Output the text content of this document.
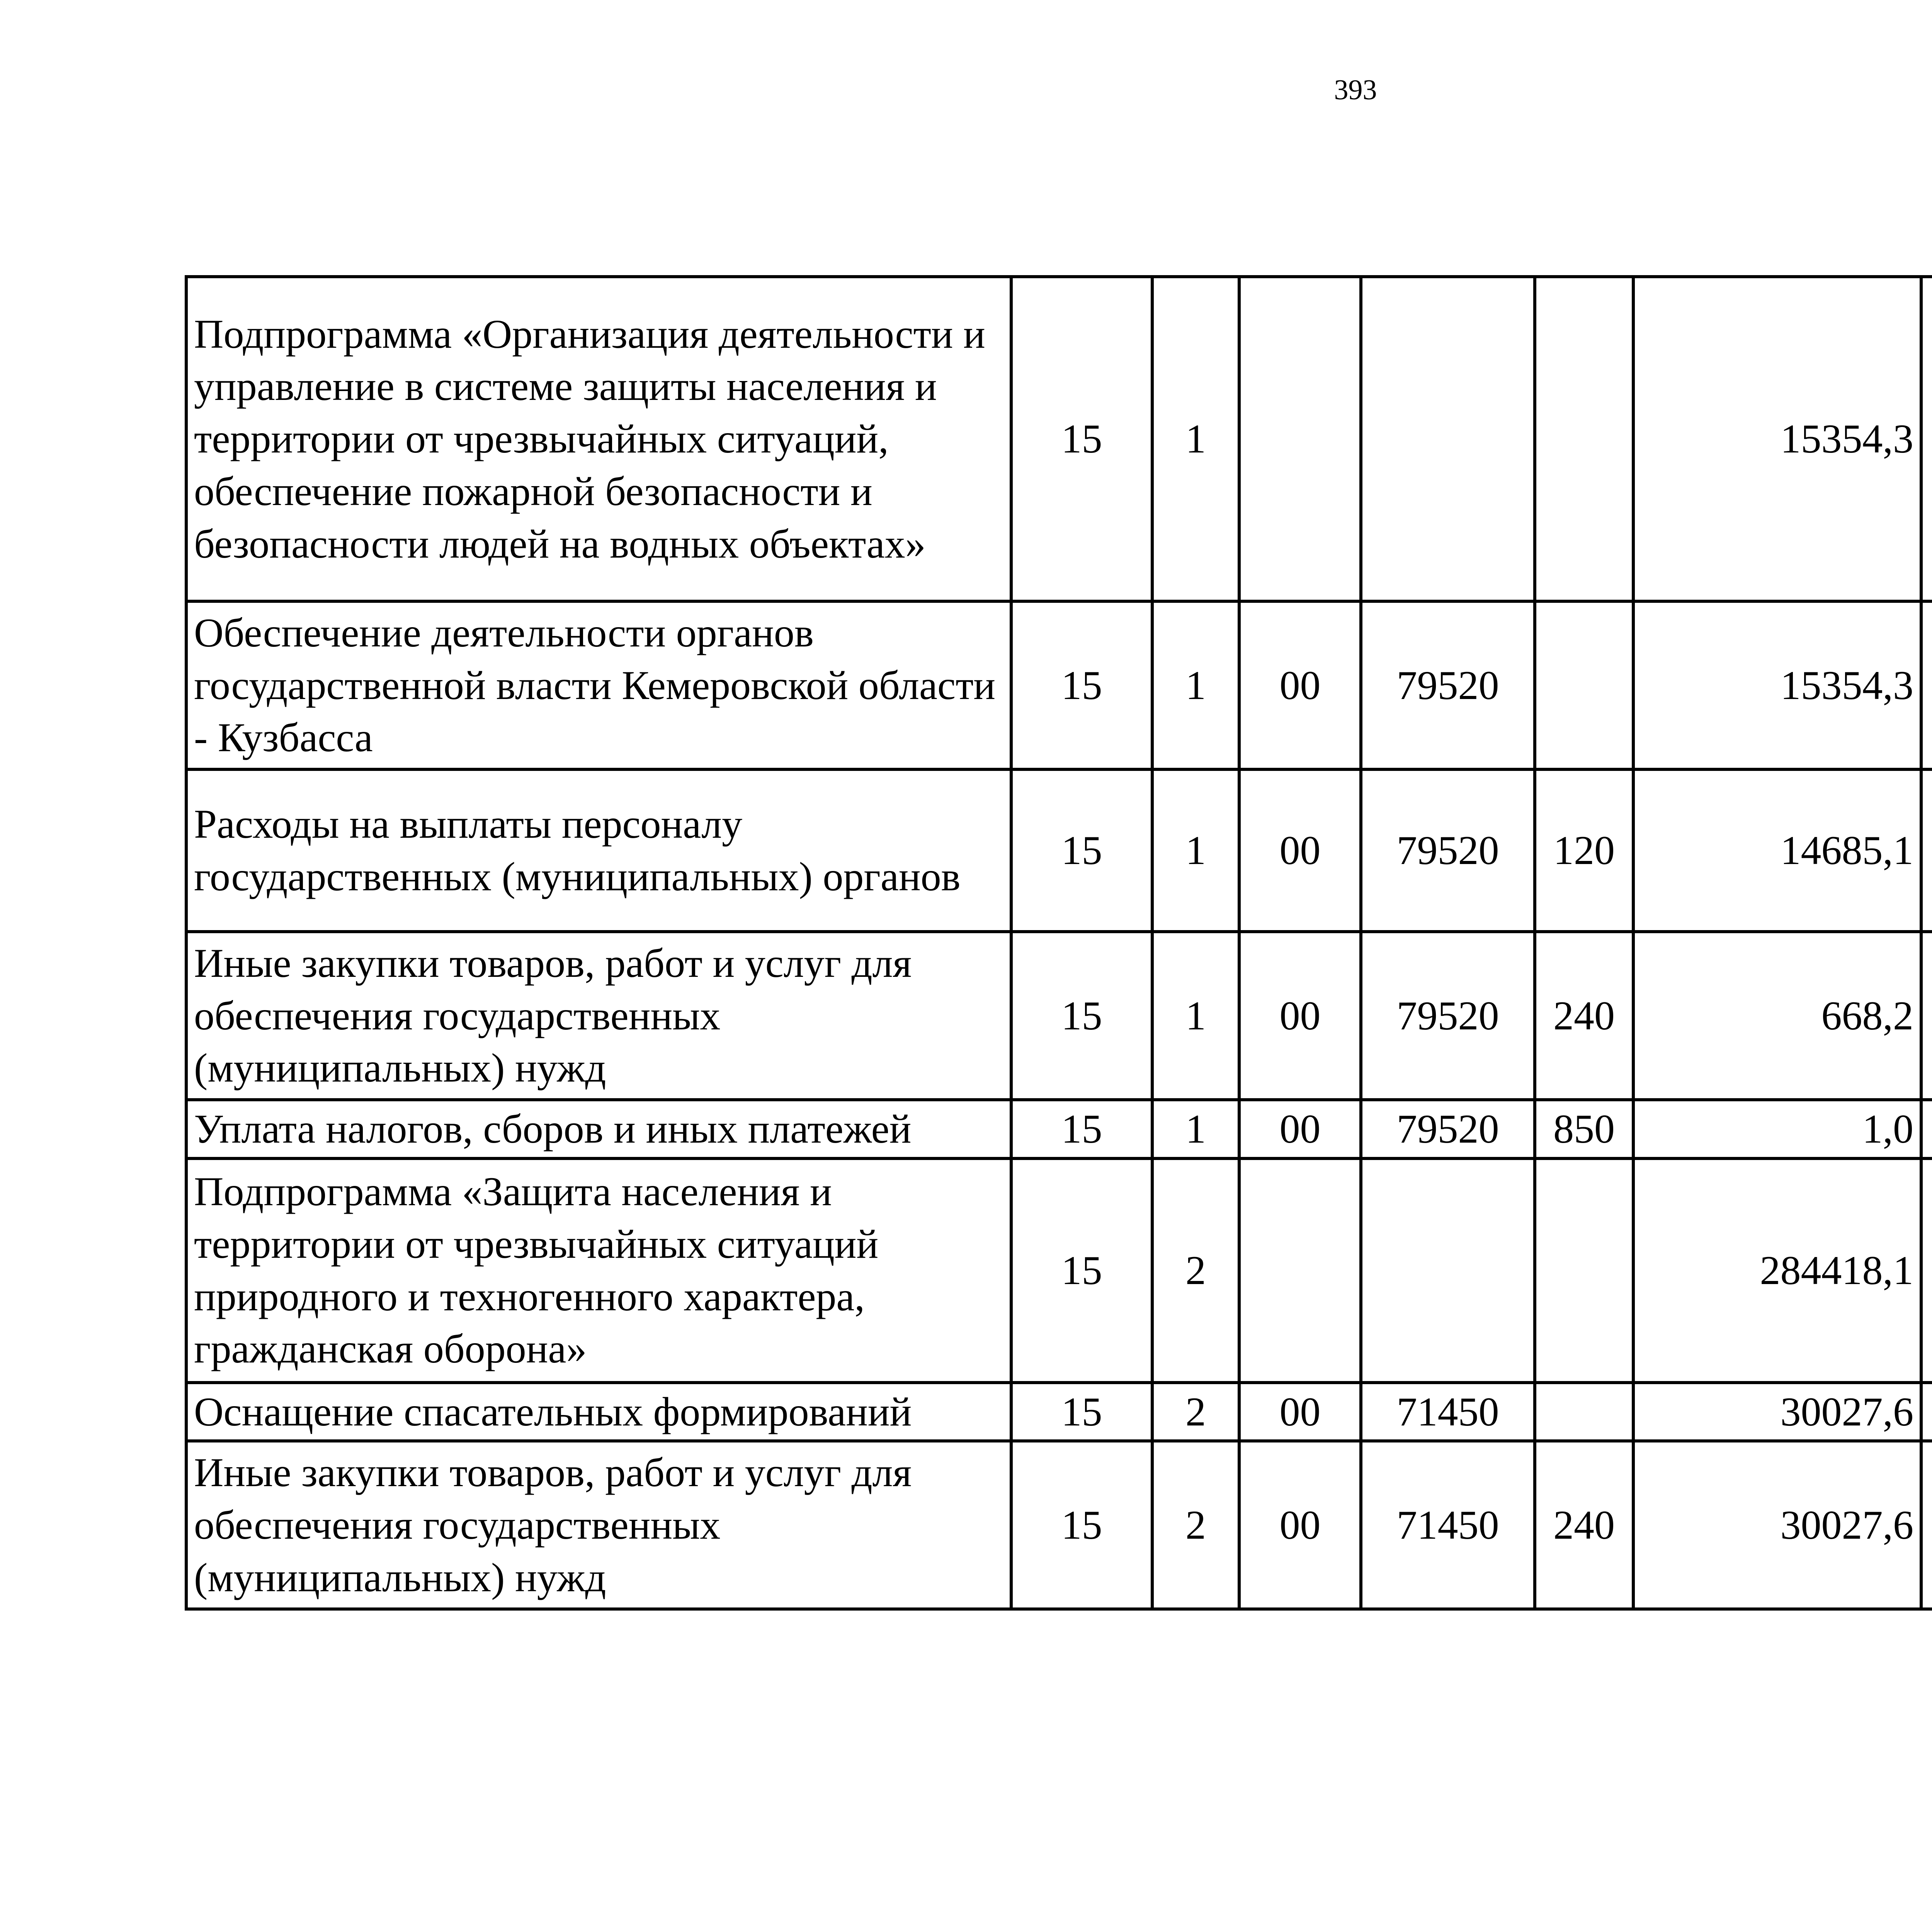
393
Подпрограмма «Организация деятельности и управление в системе защиты населения и территории от чрезвычайных ситуаций, обеспечение пожарной безопасности и безопасности людей на водных объектах»	15	1				15354,3		
Обеспечение деятельности органов государственной власти Кемеровской области - Кузбасса	15	1	00	79520		15354,3		
Расходы на выплаты персоналу государственных (муниципальных) органов	15	1	00	79520	120	14685,1		
Иные закупки товаров, работ и услуг для обеспечения государственных (муниципальных) нужд	15	1	00	79520	240	668,2		
Уплата налогов, сборов и иных платежей	15	1	00	79520	850	1,0		
Подпрограмма «Защита населения и территории от чрезвычайных ситуаций природного и техногенного характера, гражданская оборона»	15	2				284418,1		
Оснащение спасательных формирований	15	2	00	71450		30027,6		
Иные закупки товаров, работ и услуг для обеспечения государственных (муниципальных) нужд	15	2	00	71450	240	30027,6		
